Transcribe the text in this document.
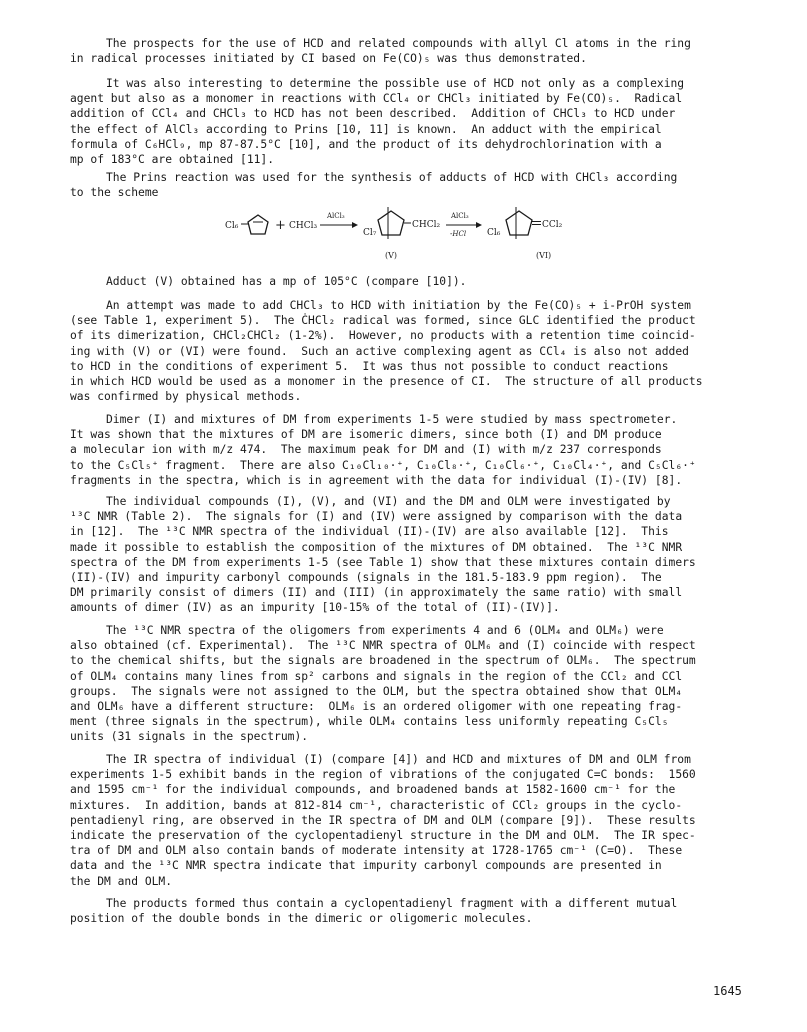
The prospects for the use of HCD and related compounds with allyl Cl atoms in the ring
in radical processes initiated by CI based on Fe(CO)₅ was thus demonstrated.

It was also interesting to determine the possible use of HCD not only as a complexing
agent but also as a monomer in reactions with CCl₄ or CHCl₃ initiated by Fe(CO)₅.  Radical
addition of CCl₄ and CHCl₃ to HCD has not been described.  Addition of CHCl₃ to HCD under
the effect of AlCl₃ according to Prins [10, 11] is known.  An adduct with the empirical
formula of C₆HCl₉, mp 87-87.5°C [10], and the product of its dehydrochlorination with a
mp of 183°C are obtained [11].

The Prins reaction was used for the synthesis of adducts of HCD with CHCl₃ according
to the scheme

Cl₆	+ CHCl₃
AlCl₃
Cl₇
CHCl₂
(V)
AlCl₃
-HCl Cl₆
CCl₂
(VI)

Adduct (V) obtained has a mp of 105°C (compare [10]).

An attempt was made to add CHCl₃ to HCD with initiation by the Fe(CO)₅ + i-PrOH system
(see Table 1, experiment 5).  The ĊHCl₂ radical was formed, since GLC identified the product
of its dimerization, CHCl₂CHCl₂ (1-2%).  However, no products with a retention time coincid-
ing with (V) or (VI) were found.  Such an active complexing agent as CCl₄ is also not added
to HCD in the conditions of experiment 5.  It was thus not possible to conduct reactions
in which HCD would be used as a monomer in the presence of CI.  The structure of all products
was confirmed by physical methods.

Dimer (I) and mixtures of DM from experiments 1-5 were studied by mass spectrometer.
It was shown that the mixtures of DM are isomeric dimers, since both (I) and DM produce
a molecular ion with m/z 474.  The maximum peak for DM and (I) with m/z 237 corresponds
to the C₅Cl₅⁺ fragment.  There are also C₁₀Cl₁₀·⁺, C₁₀Cl₈·⁺, C₁₀Cl₆·⁺, C₁₀Cl₄·⁺, and C₅Cl₆·⁺
fragments in the spectra, which is in agreement with the data for individual (I)-(IV) [8].

The individual compounds (I), (V), and (VI) and the DM and OLM were investigated by
¹³C NMR (Table 2).  The signals for (I) and (IV) were assigned by comparison with the data
in [12].  The ¹³C NMR spectra of the individual (II)-(IV) are also available [12].  This
made it possible to establish the composition of the mixtures of DM obtained.  The ¹³C NMR
spectra of the DM from experiments 1-5 (see Table 1) show that these mixtures contain dimers
(II)-(IV) and impurity carbonyl compounds (signals in the 181.5-183.9 ppm region).  The
DM primarily consist of dimers (II) and (III) (in approximately the same ratio) with small
amounts of dimer (IV) as an impurity [10-15% of the total of (II)-(IV)].

The ¹³C NMR spectra of the oligomers from experiments 4 and 6 (OLM₄ and OLM₆) were
also obtained (cf. Experimental).  The ¹³C NMR spectra of OLM₆ and (I) coincide with respect
to the chemical shifts, but the signals are broadened in the spectrum of OLM₆.  The spectrum
of OLM₄ contains many lines from sp² carbons and signals in the region of the CCl₂ and CCl
groups.  The signals were not assigned to the OLM, but the spectra obtained show that OLM₄
and OLM₆ have a different structure:  OLM₆ is an ordered oligomer with one repeating frag-
ment (three signals in the spectrum), while OLM₄ contains less uniformly repeating C₅Cl₅
units (31 signals in the spectrum).

The IR spectra of individual (I) (compare [4]) and HCD and mixtures of DM and OLM from
experiments 1-5 exhibit bands in the region of vibrations of the conjugated C=C bonds:  1560
and 1595 cm⁻¹ for the individual compounds, and broadened bands at 1582-1600 cm⁻¹ for the
mixtures.  In addition, bands at 812-814 cm⁻¹, characteristic of CCl₂ groups in the cyclo-
pentadienyl ring, are observed in the IR spectra of DM and OLM (compare [9]).  These results
indicate the preservation of the cyclopentadienyl structure in the DM and OLM.  The IR spec-
tra of DM and OLM also contain bands of moderate intensity at 1728-1765 cm⁻¹ (C=O).  These
data and the ¹³C NMR spectra indicate that impurity carbonyl compounds are presented in
the DM and OLM.

The products formed thus contain a cyclopentadienyl fragment with a different mutual
position of the double bonds in the dimeric or oligomeric molecules.

1645
